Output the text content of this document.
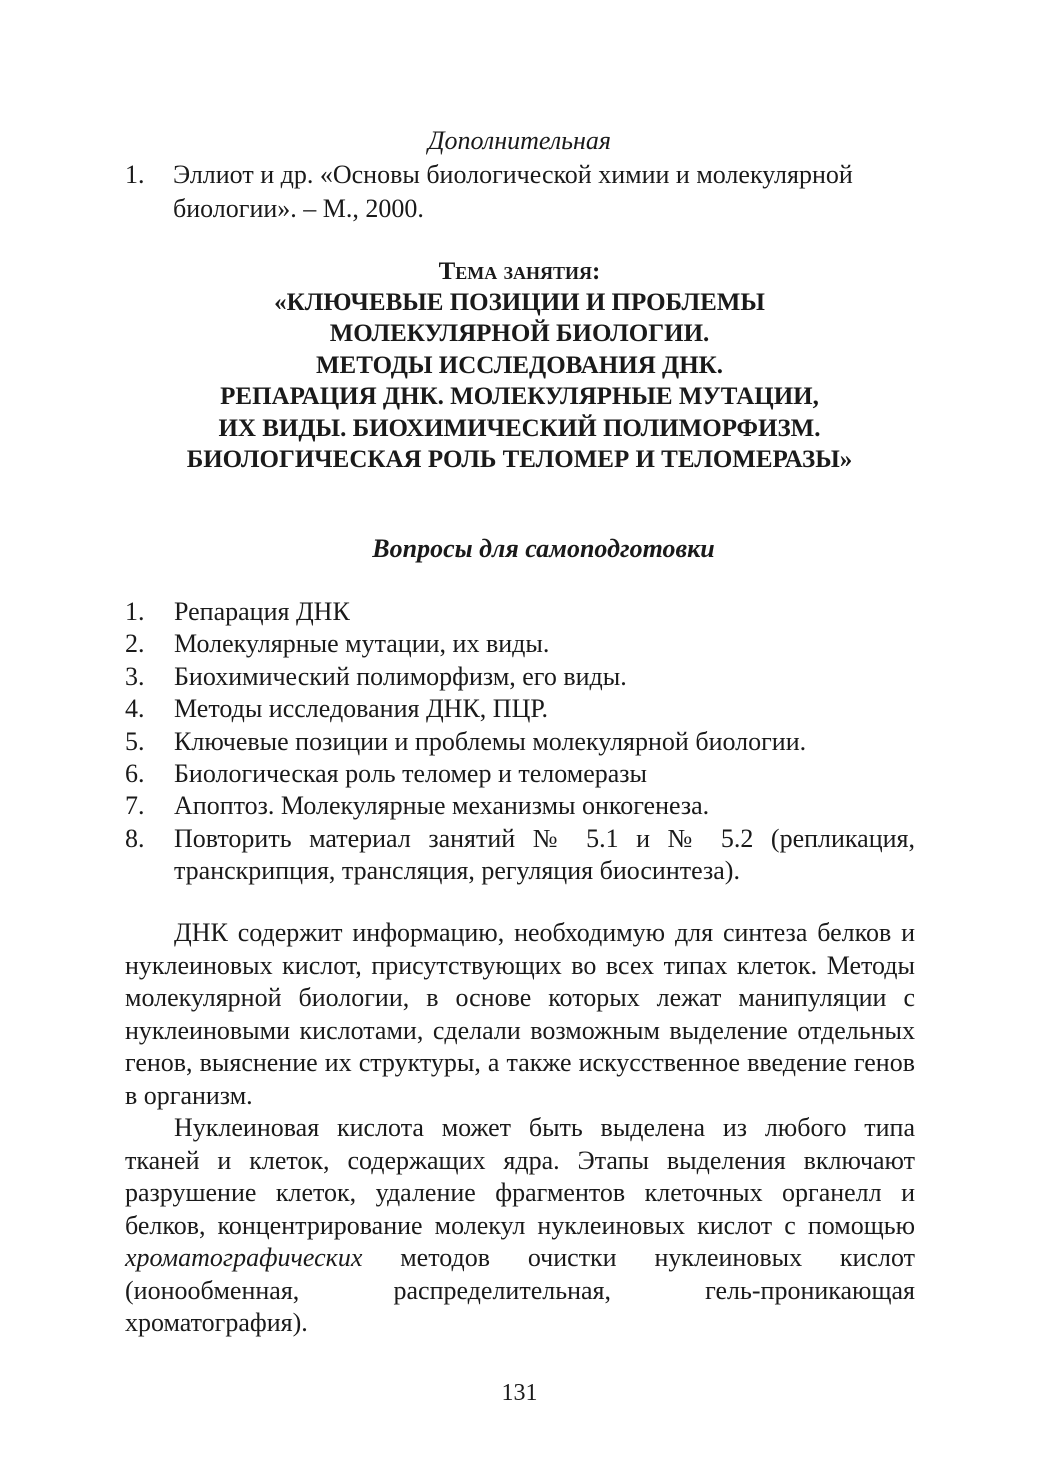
Дополнительная
1. Эллиот и др. «Основы биологической химии и молекулярной биологии». – М., 2000.
Тема занятия:
«КЛЮЧЕВЫЕ ПОЗИЦИИ И ПРОБЛЕМЫ
МОЛЕКУЛЯРНОЙ БИОЛОГИИ.
МЕТОДЫ ИССЛЕДОВАНИЯ ДНК.
РЕПАРАЦИЯ ДНК. МОЛЕКУЛЯРНЫЕ МУТАЦИИ,
ИХ ВИДЫ. БИОХИМИЧЕСКИЙ ПОЛИМОРФИЗМ.
БИОЛОГИЧЕСКАЯ РОЛЬ ТЕЛОМЕР И ТЕЛОМЕРАЗЫ»
Вопросы для самоподготовки
1. Репарация ДНК
2. Молекулярные мутации, их виды.
3. Биохимический полиморфизм, его виды.
4. Методы исследования ДНК, ПЦР.
5. Ключевые позиции и проблемы молекулярной биологии.
6. Биологическая роль теломер и теломеразы
7. Апоптоз. Молекулярные механизмы онкогенеза.
8. Повторить материал занятий № 5.1 и № 5.2 (репликация, транскрипция, трансляция, регуляция биосинтеза).

ДНК содержит информацию, необходимую для синтеза белков и нуклеиновых кислот, присутствующих во всех типах клеток. Методы молекулярной биологии, в основе которых лежат манипуляции с нуклеиновыми кислотами, сделали возможным выделение отдельных генов, выяснение их структуры, а также искусственное введение генов в организм.

Нуклеиновая кислота может быть выделена из любого типа тканей и клеток, содержащих ядра. Этапы выделения включают разрушение клеток, удаление фрагментов клеточных органелл и белков, концентрирование молекул нуклеиновых кислот с помощью хроматографических методов очистки нуклеиновых кислот (ионообменная, распределительная, гель-проникающая хроматография).

131
